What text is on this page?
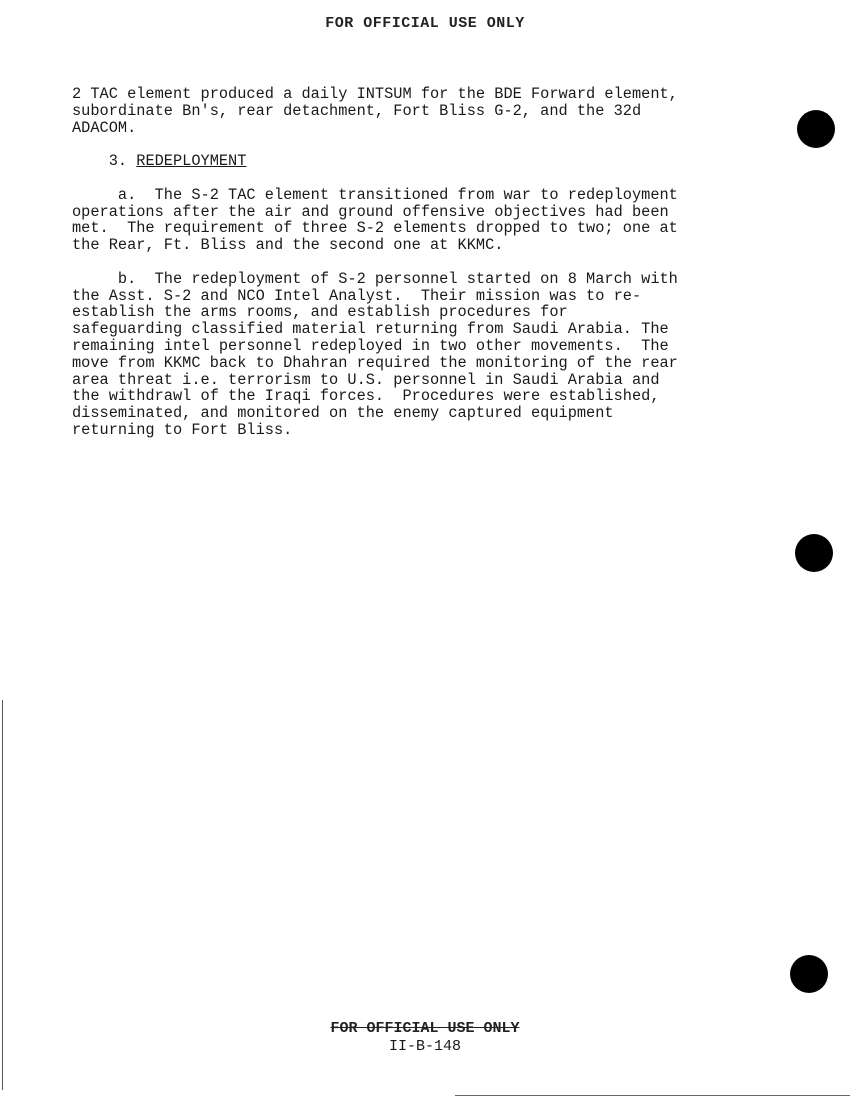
FOR OFFICIAL USE ONLY
2 TAC element produced a daily INTSUM for the BDE Forward element,
subordinate Bn's, rear detachment, Fort Bliss G-2, and the 32d
ADACOM.
3. REDEPLOYMENT
a.  The S-2 TAC element transitioned from war to redeployment
operations after the air and ground offensive objectives had been
met.  The requirement of three S-2 elements dropped to two; one at
the Rear, Ft. Bliss and the second one at KKMC.
b.  The redeployment of S-2 personnel started on 8 March with
the Asst. S-2 and NCO Intel Analyst.  Their mission was to re-
establish the arms rooms, and establish procedures for
safeguarding classified material returning from Saudi Arabia. The
remaining intel personnel redeployed in two other movements.  The
move from KKMC back to Dhahran required the monitoring of the rear
area threat i.e. terrorism to U.S. personnel in Saudi Arabia and
the withdrawl of the Iraqi forces.  Procedures were established,
disseminated, and monitored on the enemy captured equipment
returning to Fort Bliss.
FOR OFFICIAL USE ONLY
II-B-148
